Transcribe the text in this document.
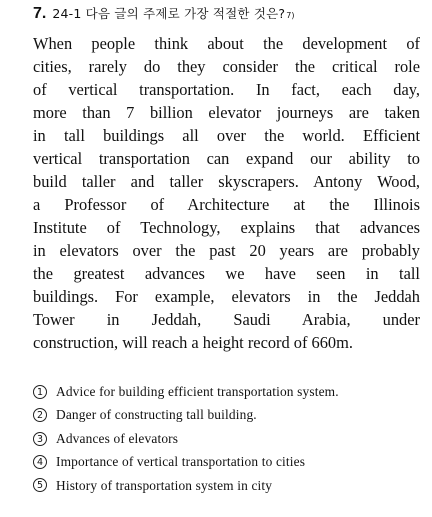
7. 24-1 다음 글의 주제로 가장 적절한 것은? 7)
When people think about the development of
cities, rarely do they consider the critical role
of vertical transportation. In fact, each day,
more than 7 billion elevator journeys are taken
in tall buildings all over the world. Efficient
vertical transportation can expand our ability to
build taller and taller skyscrapers. Antony Wood,
a Professor of Architecture at the Illinois
Institute of Technology, explains that advances
in elevators over the past 20 years are probably
the greatest advances we have seen in tall
buildings. For example, elevators in the Jeddah
Tower in Jeddah, Saudi Arabia, under
construction, will reach a height record of 660m.
1 Advice for building efficient transportation system.
2 Danger of constructing tall building.
3 Advances of elevators
4 Importance of vertical transportation to cities
5 History of transportation system in city
